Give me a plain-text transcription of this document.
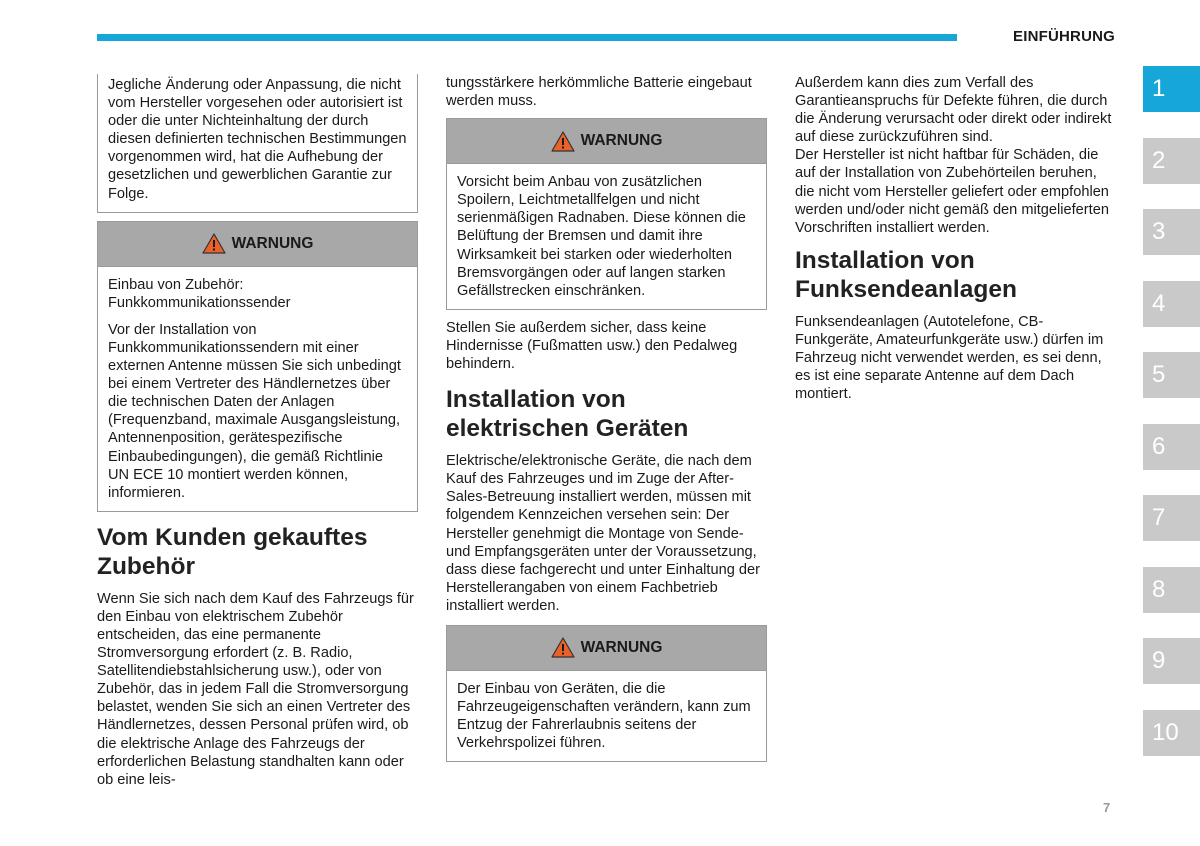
EINFÜHRUNG
1
2
3
4
5
6
7
8
9
10

Jegliche Änderung oder Anpassung, die nicht vom Hersteller vorgesehen oder autorisiert ist oder die unter Nichteinhaltung der durch diesen definierten technischen Bestimmungen vorgenommen wird, hat die Aufhebung der gesetzlichen und gewerblichen Garantie zur Folge.

WARNUNG

Einbau von Zubehör: Funkkommunikationssender

Vor der Installation von Funkkommunikationssendern mit einer externen Antenne müssen Sie sich unbedingt bei einem Vertreter des Händlernetzes über die technischen Daten der Anlagen (Frequenzband, maximale Ausgangsleistung, Antennenposition, gerätespezifische Einbaubedingungen), die gemäß Richtlinie UN ECE 10 montiert werden können, informieren.

Vom Kunden gekauftes Zubehör

Wenn Sie sich nach dem Kauf des Fahrzeugs für den Einbau von elektrischem Zubehör entscheiden, das eine permanente Stromversorgung erfordert (z. B. Radio, Satellitendiebstahlsicherung usw.), oder von Zubehör, das in jedem Fall die Stromversorgung belastet, wenden Sie sich an einen Vertreter des Händlernetzes, dessen Personal prüfen wird, ob die elektrische Anlage des Fahrzeugs der erforderlichen Belastung standhalten kann oder ob eine leis-

tungsstärkere herkömmliche Batterie eingebaut werden muss.

WARNUNG

Vorsicht beim Anbau von zusätzlichen Spoilern, Leichtmetallfelgen und nicht serienmäßigen Radnaben. Diese können die Belüftung der Bremsen und damit ihre Wirksamkeit bei starken oder wiederholten Bremsvorgängen oder auf langen starken Gefällstrecken einschränken.

Stellen Sie außerdem sicher, dass keine Hindernisse (Fußmatten usw.) den Pedalweg behindern.

Installation von elektrischen Geräten

Elektrische/elektronische Geräte, die nach dem Kauf des Fahrzeuges und im Zuge der After-Sales-Betreuung installiert werden, müssen mit folgendem Kennzeichen versehen sein: Der Hersteller genehmigt die Montage von Sende- und Empfangsgeräten unter der Voraussetzung, dass diese fachgerecht und unter Einhaltung der Herstellerangaben von einem Fachbetrieb installiert werden.

WARNUNG

Der Einbau von Geräten, die die Fahrzeugeigenschaften verändern, kann zum Entzug der Fahrerlaubnis seitens der Verkehrspolizei führen.

Außerdem kann dies zum Verfall des Garantieanspruchs für Defekte führen, die durch die Änderung verursacht oder direkt oder indirekt auf diese zurückzuführen sind.

Der Hersteller ist nicht haftbar für Schäden, die auf der Installation von Zubehörteilen beruhen, die nicht vom Hersteller geliefert oder empfohlen werden und/oder nicht gemäß den mitgelieferten Vorschriften installiert werden.

Installation von Funksendeanlagen

Funksendeanlagen (Autotelefone, CB-Funkgeräte, Amateurfunkgeräte usw.) dürfen im Fahrzeug nicht verwendet werden, es sei denn, es ist eine separate Antenne auf dem Dach montiert.

7
